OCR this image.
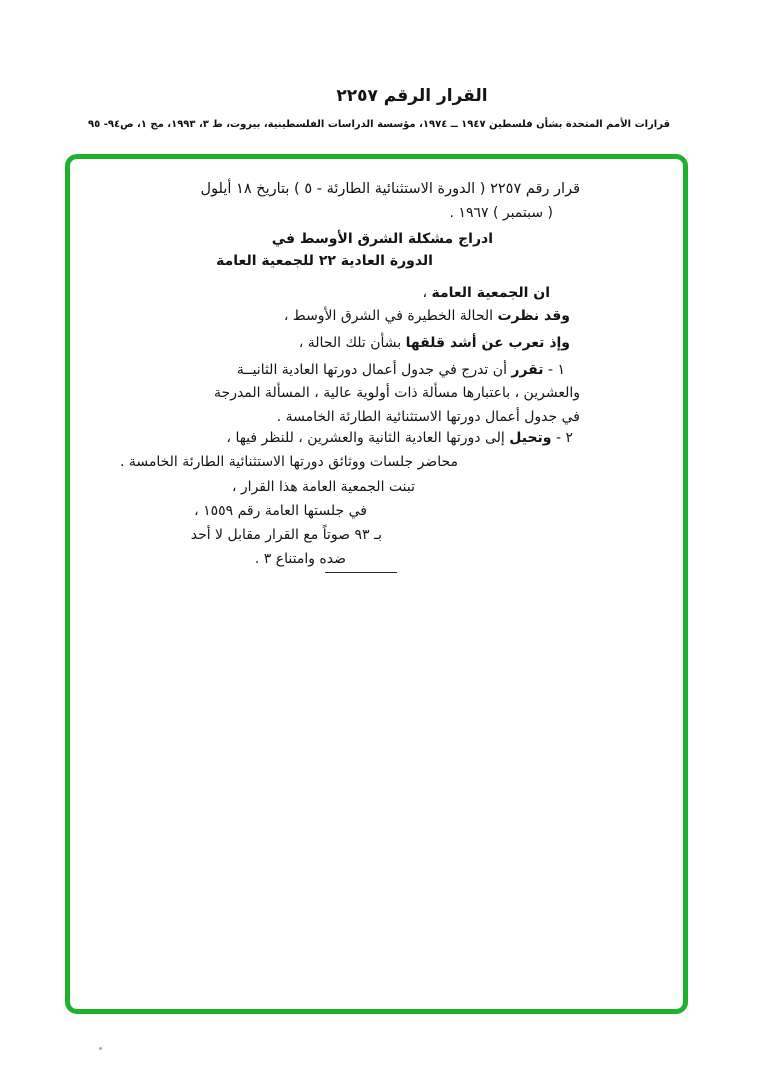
القرار الرقم ٢٢٥٧
قرارات الأمم المتحدة بشأن فلسطين ١٩٤٧ ــ ١٩٧٤، مؤسسة الدراسات الفلسطينية، بيروت، ط ٣، ١٩٩٣، مج ١، ص٩٤- ٩٥
قرار رقم ٢٢٥٧ ( الدورة الاستثنائية الطارئة - ٥ ) بتاريخ ١٨ أيلول
( سبتمبر ) ١٩٦٧ .
ادراج مشكلة الشرق الأوسط في
الدورة العادية ٢٢ للجمعية العامة
ان الجمعية العامة ،
وقد نظرت الحالة الخطيرة في الشرق الأوسط ،
وإذ تعرب عن أشد قلقها بشأن تلك الحالة ،
١ - تقرر أن تدرج في جدول أعمال دورتها العادية الثانيــة
والعشرين ، باعتبارها مسألة ذات أولوية عالية ، المسألة المدرجة
في جدول أعمال دورتها الاستثنائية الطارئة الخامسة .
٢ - وتحيل إلى دورتها العادية الثانية والعشرين ، للنظر فيها ،
محاضر جلسات ووثائق دورتها الاستثنائية الطارئة الخامسة .
تبنت الجمعية العامة هذا القرار ،
في جلستها العامة رقم ١٥٥٩ ،
بـ ٩٣ صوتاً مع القرار مقابل لا أحد
ضده وامتناع ٣ .
